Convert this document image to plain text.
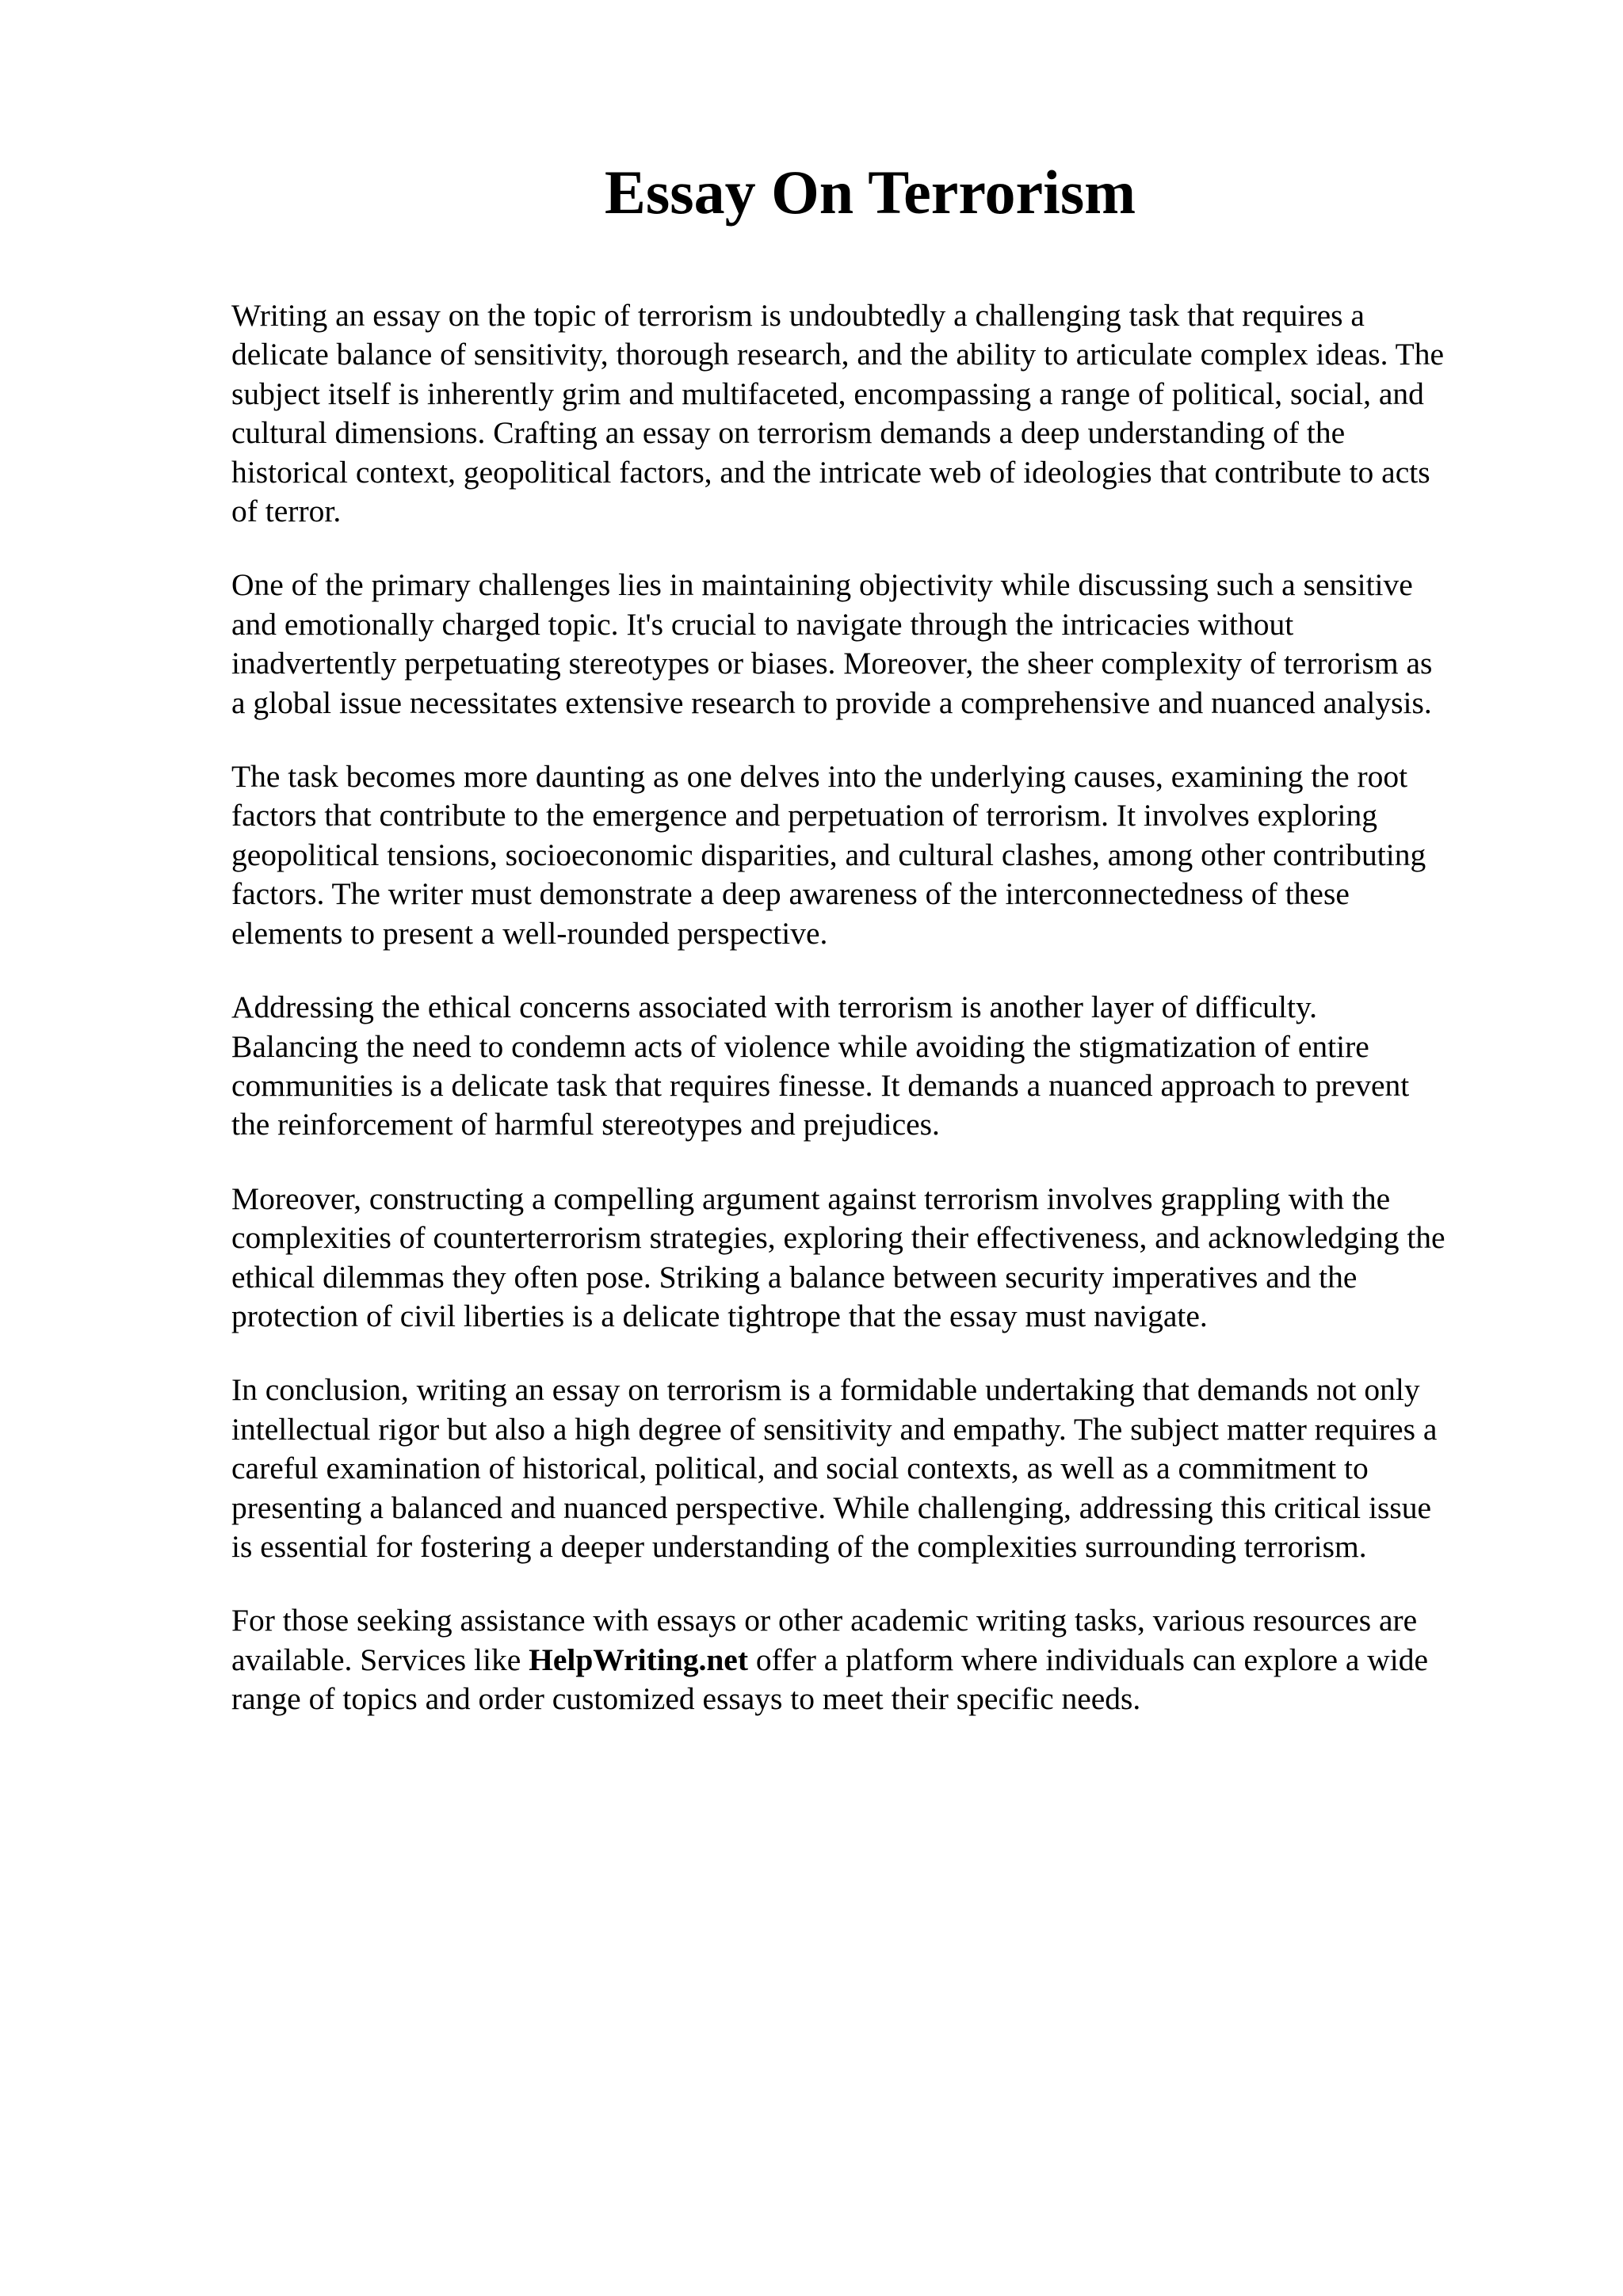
Essay On Terrorism

Writing an essay on the topic of terrorism is undoubtedly a challenging task that requires a
delicate balance of sensitivity, thorough research, and the ability to articulate complex ideas. The
subject itself is inherently grim and multifaceted, encompassing a range of political, social, and
cultural dimensions. Crafting an essay on terrorism demands a deep understanding of the
historical context, geopolitical factors, and the intricate web of ideologies that contribute to acts
of terror.

One of the primary challenges lies in maintaining objectivity while discussing such a sensitive
and emotionally charged topic. It's crucial to navigate through the intricacies without
inadvertently perpetuating stereotypes or biases. Moreover, the sheer complexity of terrorism as
a global issue necessitates extensive research to provide a comprehensive and nuanced analysis.

The task becomes more daunting as one delves into the underlying causes, examining the root
factors that contribute to the emergence and perpetuation of terrorism. It involves exploring
geopolitical tensions, socioeconomic disparities, and cultural clashes, among other contributing
factors. The writer must demonstrate a deep awareness of the interconnectedness of these
elements to present a well-rounded perspective.

Addressing the ethical concerns associated with terrorism is another layer of difficulty.
Balancing the need to condemn acts of violence while avoiding the stigmatization of entire
communities is a delicate task that requires finesse. It demands a nuanced approach to prevent
the reinforcement of harmful stereotypes and prejudices.

Moreover, constructing a compelling argument against terrorism involves grappling with the
complexities of counterterrorism strategies, exploring their effectiveness, and acknowledging the
ethical dilemmas they often pose. Striking a balance between security imperatives and the
protection of civil liberties is a delicate tightrope that the essay must navigate.

In conclusion, writing an essay on terrorism is a formidable undertaking that demands not only
intellectual rigor but also a high degree of sensitivity and empathy. The subject matter requires a
careful examination of historical, political, and social contexts, as well as a commitment to
presenting a balanced and nuanced perspective. While challenging, addressing this critical issue
is essential for fostering a deeper understanding of the complexities surrounding terrorism.

For those seeking assistance with essays or other academic writing tasks, various resources are
available. Services like HelpWriting.net offer a platform where individuals can explore a wide
range of topics and order customized essays to meet their specific needs.
